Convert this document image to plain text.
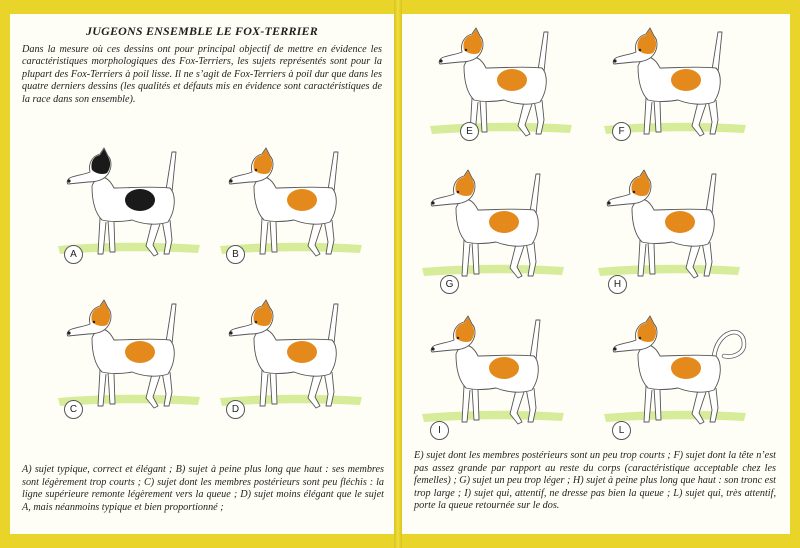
JUGEONS ENSEMBLE LE FOX-TERRIER

Dans la mesure où ces dessins ont pour principal objectif de mettre en évidence les caractéristiques morphologiques des Fox-Terriers, les sujets représentés sont pour la plupart des Fox-Terriers à poil lisse. Il ne s’agit de Fox-Terriers à poil dur que dans les quatre derniers dessins (les qualités et défauts mis en évidence sont caractéristiques de la race dans son ensemble).

A	B
C	D

A) sujet typique, correct et élégant ; B) sujet à peine plus long que haut : ses membres sont légèrement trop courts ; C) sujet dont les membres postérieurs sont peu fléchis : la ligne supérieure remonte légèrement vers la queue ; D) sujet moins élégant que le sujet A, mais néanmoins typique et bien proportionné ;

E	F
G	H
I	L

E) sujet dont les membres postérieurs sont un peu trop courts ; F) sujet dont la tête n’est pas assez grande par rapport au reste du corps (caractéristique acceptable chez les femelles) ; G) sujet un peu trop léger ; H) sujet à peine plus long que haut : son tronc est trop large ; I) sujet qui, attentif, ne dresse pas bien la queue ; L) sujet qui, très attentif, porte la queue retournée sur le dos.
